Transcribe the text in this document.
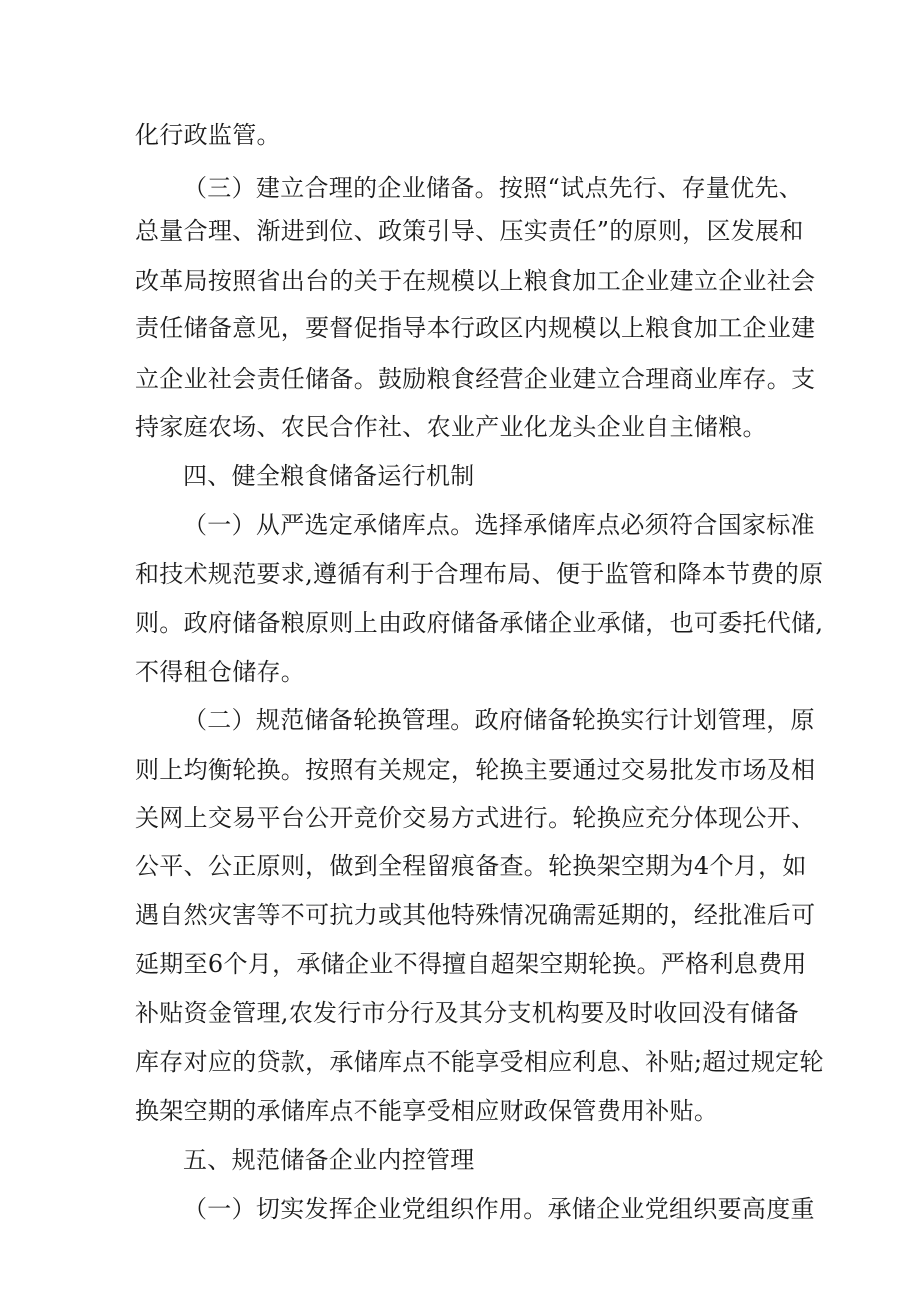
化行政监管。
（三）建立合理的企业储备。按照“试点先行、存量优先、
总量合理、渐进到位、政策引导、压实责任”的原则，区发展和
改革局按照省出台的关于在规模以上粮食加工企业建立企业社会
责任储备意见，要督促指导本行政区内规模以上粮食加工企业建
立企业社会责任储备。鼓励粮食经营企业建立合理商业库存。支
持家庭农场、农民合作社、农业产业化龙头企业自主储粮。
四、健全粮食储备运行机制
（一）从严选定承储库点。选择承储库点必须符合国家标准
和技术规范要求,遵循有利于合理布局、便于监管和降本节费的原
则。政府储备粮原则上由政府储备承储企业承储，也可委托代储,
不得租仓储存。
（二）规范储备轮换管理。政府储备轮换实行计划管理，原
则上均衡轮换。按照有关规定，轮换主要通过交易批发市场及相
关网上交易平台公开竞价交易方式进行。轮换应充分体现公开、
公平、公正原则，做到全程留痕备查。轮换架空期为4个月，如
遇自然灾害等不可抗力或其他特殊情况确需延期的，经批准后可
延期至6个月，承储企业不得擅自超架空期轮换。严格利息费用
补贴资金管理,农发行市分行及其分支机构要及时收回没有储备
库存对应的贷款，承储库点不能享受相应利息、补贴;超过规定轮
换架空期的承储库点不能享受相应财政保管费用补贴。
五、规范储备企业内控管理
（一）切实发挥企业党组织作用。承储企业党组织要高度重
